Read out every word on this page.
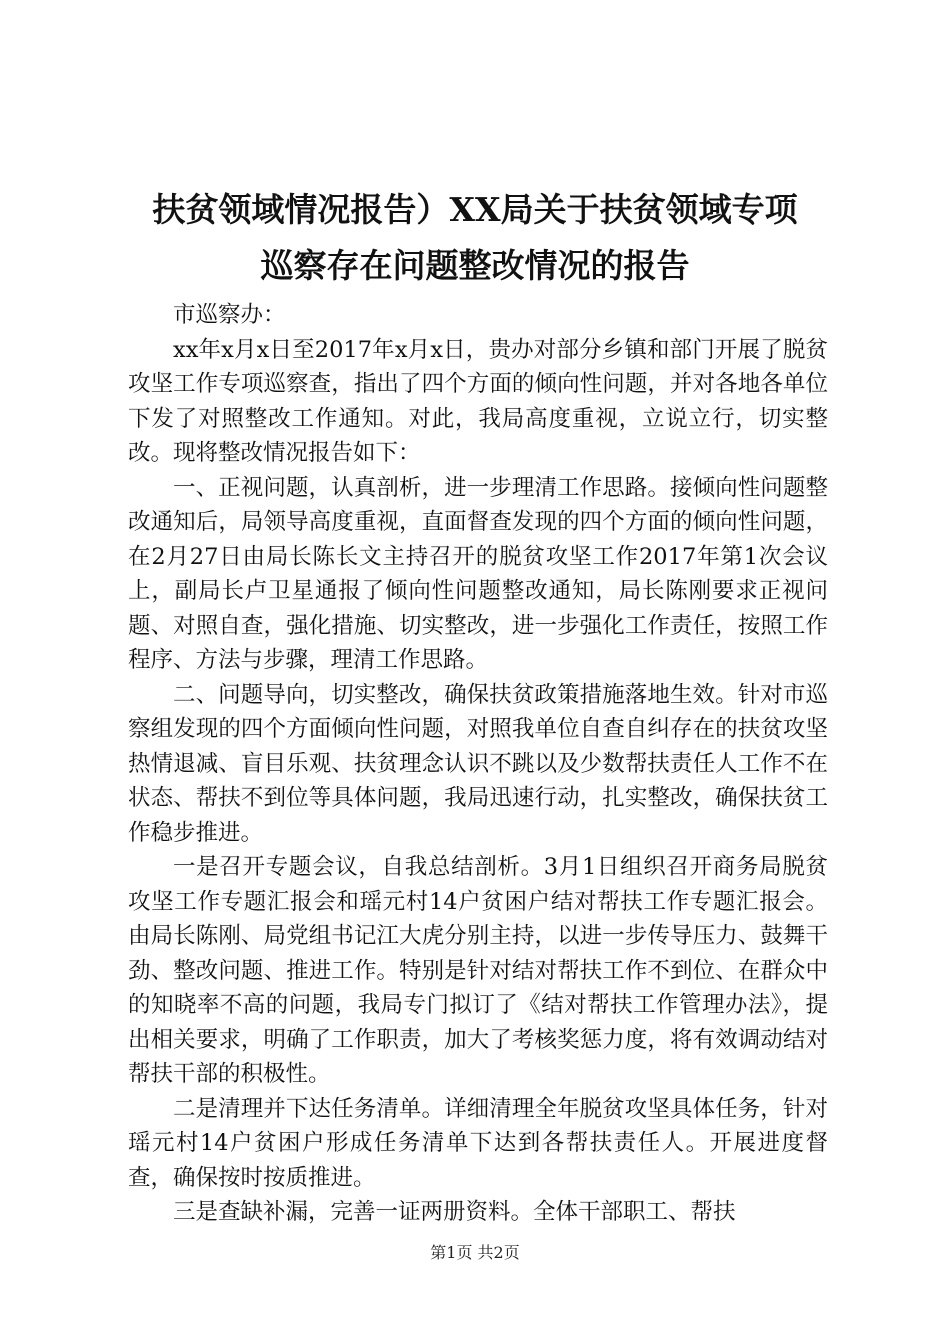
扶贫领域情况报告）XX局关于扶贫领域专项
巡察存在问题整改情况的报告

市巡察办：

xx年x月x日至2017年x月x日，贵办对部分乡镇和部门开展了脱贫攻坚工作专项巡察查，指出了四个方面的倾向性问题，并对各地各单位下发了对照整改工作通知。对此，我局高度重视，立说立行，切实整改。现将整改情况报告如下：

一、正视问题，认真剖析，进一步理清工作思路。接倾向性问题整改通知后，局领导高度重视，直面督查发现的四个方面的倾向性问题，在2月27日由局长陈长文主持召开的脱贫攻坚工作2017年第1次会议上，副局长卢卫星通报了倾向性问题整改通知，局长陈刚要求正视问题、对照自查，强化措施、切实整改，进一步强化工作责任，按照工作程序、方法与步骤，理清工作思路。

二、问题导向，切实整改，确保扶贫政策措施落地生效。针对市巡察组发现的四个方面倾向性问题，对照我单位自查自纠存在的扶贫攻坚热情退减、盲目乐观、扶贫理念认识不跳以及少数帮扶责任人工作不在状态、帮扶不到位等具体问题，我局迅速行动，扎实整改，确保扶贫工作稳步推进。

一是召开专题会议，自我总结剖析。3月1日组织召开商务局脱贫攻坚工作专题汇报会和瑶元村14户贫困户结对帮扶工作专题汇报会。由局长陈刚、局党组书记江大虎分别主持，以进一步传导压力、鼓舞干劲、整改问题、推进工作。特别是针对结对帮扶工作不到位、在群众中的知晓率不高的问题，我局专门拟订了《结对帮扶工作管理办法》，提出相关要求，明确了工作职责，加大了考核奖惩力度，将有效调动结对帮扶干部的积极性。

二是清理并下达任务清单。详细清理全年脱贫攻坚具体任务，针对瑶元村14户贫困户形成任务清单下达到各帮扶责任人。开展进度督查，确保按时按质推进。

三是查缺补漏，完善一证两册资料。全体干部职工、帮扶

第1页 共2页
